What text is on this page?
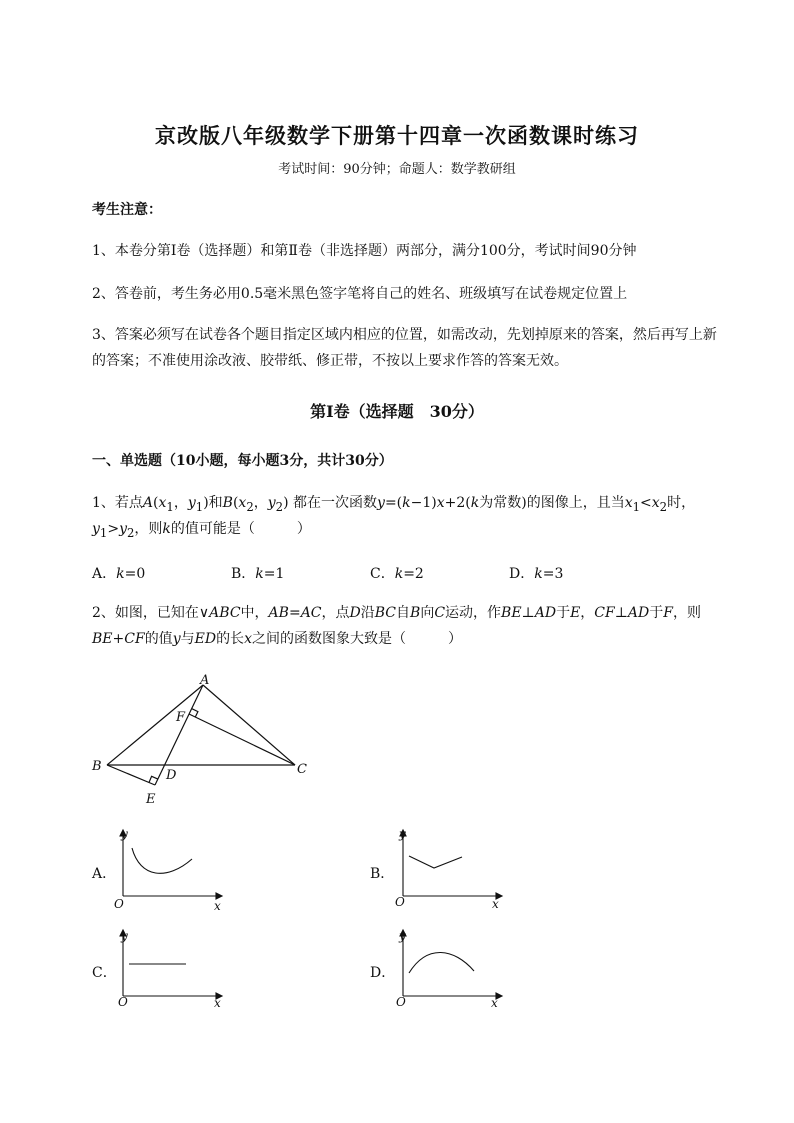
京改版八年级数学下册第十四章一次函数课时练习
考试时间：90分钟；命题人：数学教研组
考生注意：
1、本卷分第Ⅰ卷（选择题）和第Ⅱ卷（非选择题）两部分，满分100分，考试时间90分钟
2、答卷前，考生务必用0.5毫米黑色签字笔将自己的姓名、班级填写在试卷规定位置上
3、答案必须写在试卷各个题目指定区域内相应的位置，如需改动，先划掉原来的答案，然后再写上新
的答案；不准使用涂改液、胶带纸、修正带，不按以上要求作答的答案无效。
第Ⅰ卷（选择题　30分）
一、单选题（10小题，每小题3分，共计30分）
1、若点$A(x_1$，$y_1$)和$B(x_2$，$y_2$) 都在一次函数y=(k−1)x+2(k为常数)的图像上，且当$x_1<x_2$时，
$y_1>y_2$，则k的值可能是（　　　）
A．k=0	B．k=1	C．k=2	D．k=3
2、如图，已知在∨ABC中，AB=AC，点D沿BC自B向C运动，作BE⊥AD于E，CF⊥AD于F，则
BE+CF的值y与ED的长x之间的函数图象大致是（　　　）
A
B	C
D
E
F
A．
y
O	x
B．
y
O	x
C．
y
O	x
D．
y
O	x
